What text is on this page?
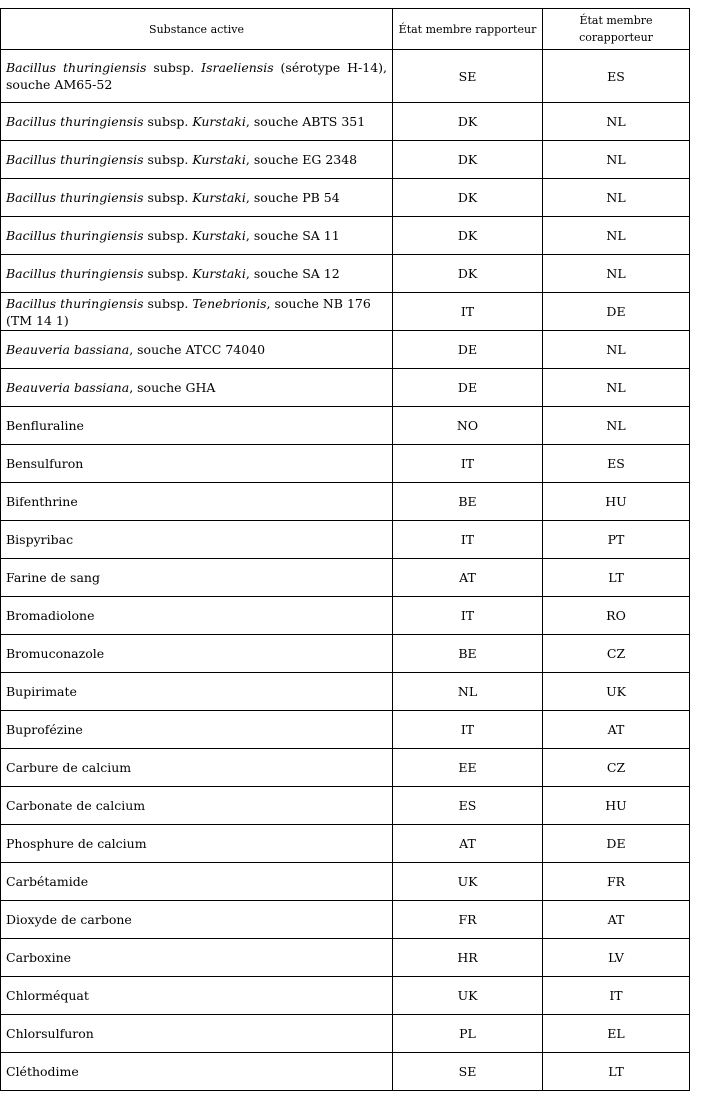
Substance active	État membre rapporteur	État membre corapporteur
Bacillus thuringiensis subsp. Israeliensis (sérotype H-14), souche AM65-52	SE	ES
Bacillus thuringiensis subsp. Kurstaki, souche ABTS 351	DK	NL
Bacillus thuringiensis subsp. Kurstaki, souche EG 2348	DK	NL
Bacillus thuringiensis subsp. Kurstaki, souche PB 54	DK	NL
Bacillus thuringiensis subsp. Kurstaki, souche SA 11	DK	NL
Bacillus thuringiensis subsp. Kurstaki, souche SA 12	DK	NL
Bacillus thuringiensis subsp. Tenebrionis, souche NB 176 (TM 14 1)	IT	DE
Beauveria bassiana, souche ATCC 74040	DE	NL
Beauveria bassiana, souche GHA	DE	NL
Benfluraline	NO	NL
Bensulfuron	IT	ES
Bifenthrine	BE	HU
Bispyribac	IT	PT
Farine de sang	AT	LT
Bromadiolone	IT	RO
Bromuconazole	BE	CZ
Bupirimate	NL	UK
Buprofézine	IT	AT
Carbure de calcium	EE	CZ
Carbonate de calcium	ES	HU
Phosphure de calcium	AT	DE
Carbétamide	UK	FR
Dioxyde de carbone	FR	AT
Carboxine	HR	LV
Chlorméquat	UK	IT
Chlorsulfuron	PL	EL
Cléthodime	SE	LT
